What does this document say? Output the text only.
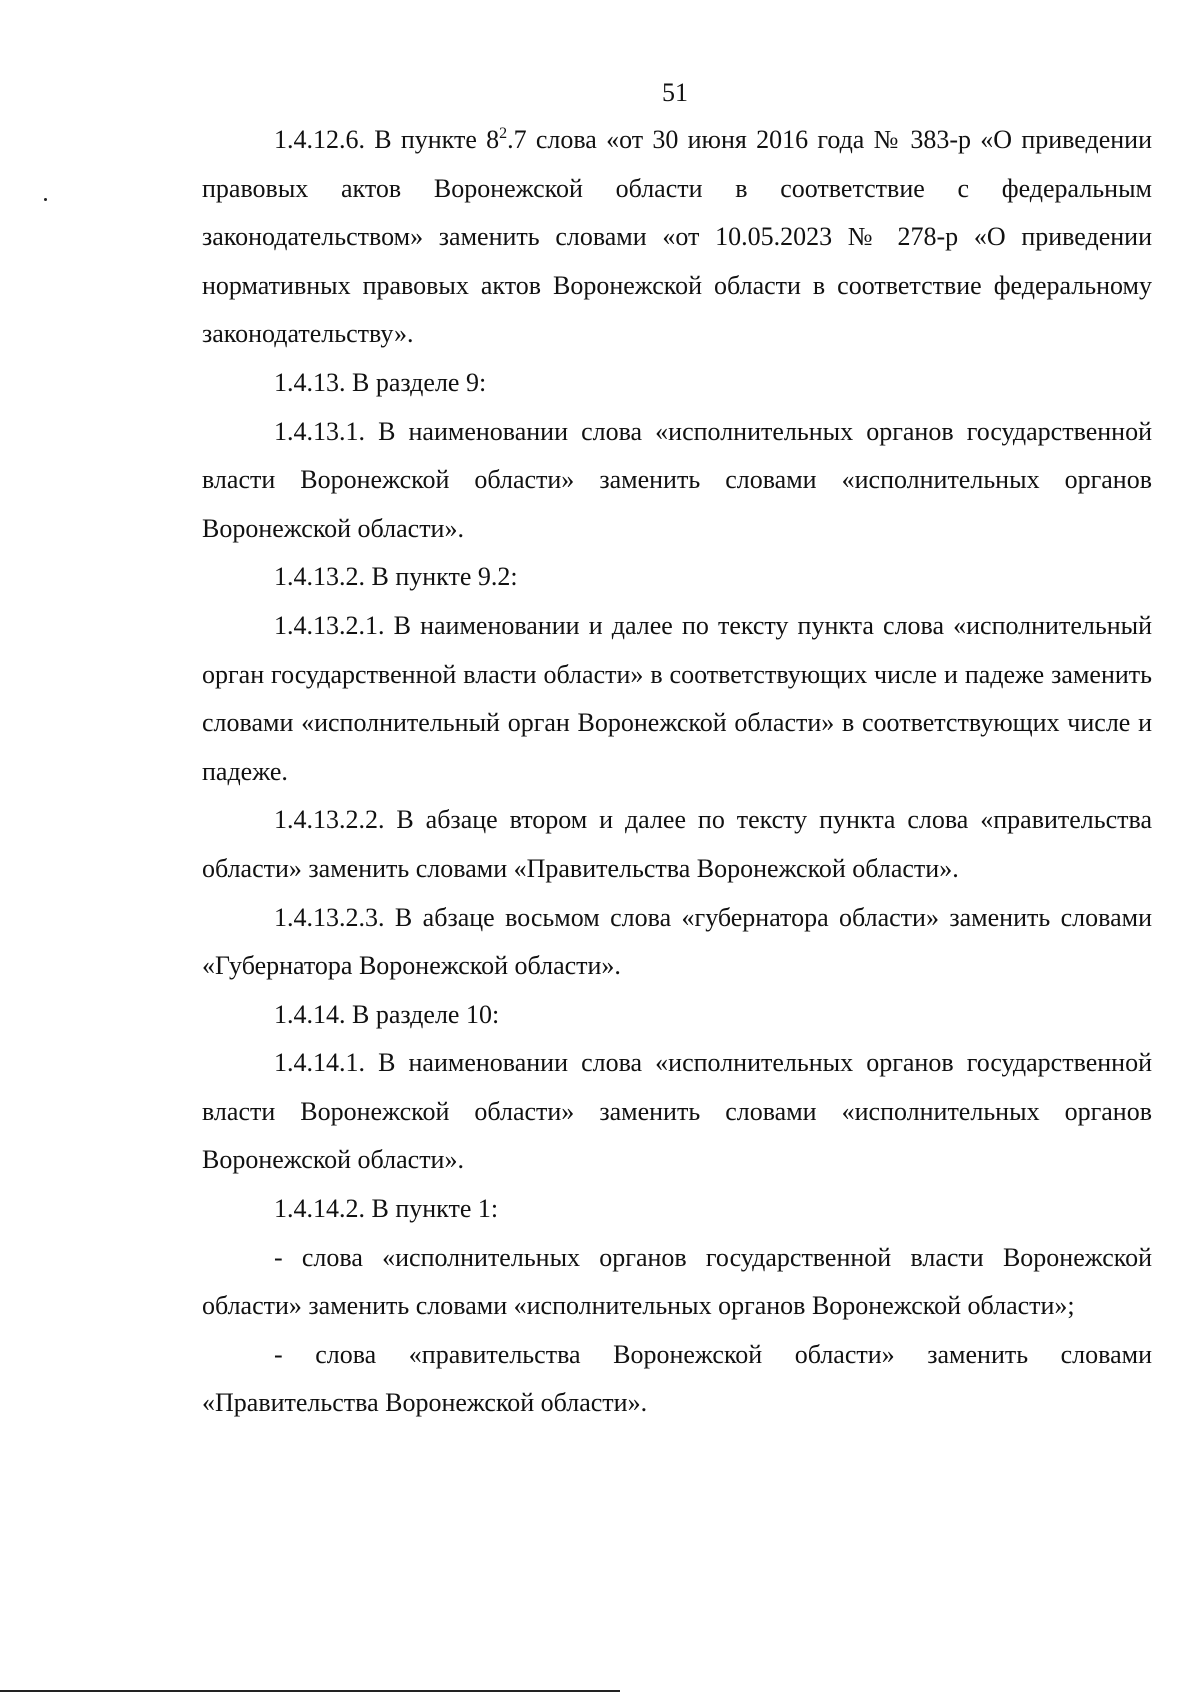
51

1.4.12.6. В пункте $8^2.7$ слова «от 30 июня 2016 года № 383-р «О приведении правовых актов Воронежской области в соответствие с федеральным законодательством» заменить словами «от 10.05.2023 № 278-р «О приведении нормативных правовых актов Воронежской области в соответствие федеральному законодательству».

1.4.13. В разделе 9:

1.4.13.1. В наименовании слова «исполнительных органов государственной власти Воронежской области» заменить словами «исполнительных органов Воронежской области».

1.4.13.2. В пункте 9.2:

1.4.13.2.1. В наименовании и далее по тексту пункта слова «исполнительный орган государственной власти области» в соответствующих числе и падеже заменить словами «исполнительный орган Воронежской области» в соответствующих числе и падеже.

1.4.13.2.2. В абзаце втором и далее по тексту пункта слова «правительства области» заменить словами «Правительства Воронежской области».

1.4.13.2.3. В абзаце восьмом слова «губернатора области» заменить словами «Губернатора Воронежской области».

1.4.14. В разделе 10:

1.4.14.1. В наименовании слова «исполнительных органов государственной власти Воронежской области» заменить словами «исполнительных органов Воронежской области».

1.4.14.2. В пункте 1:

- слова «исполнительных органов государственной власти Воронежской области» заменить словами «исполнительных органов Воронежской области»;

- слова «правительства Воронежской области» заменить словами «Правительства Воронежской области».
